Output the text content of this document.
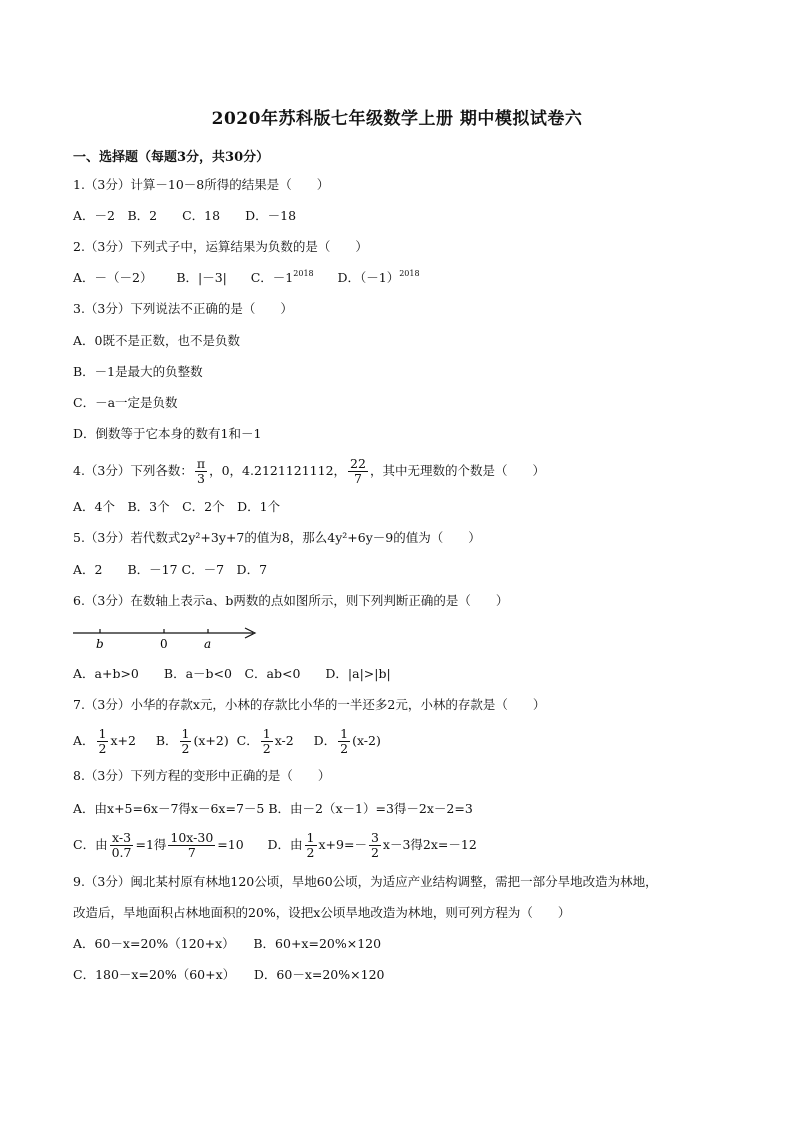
2020年苏科版七年级数学上册 期中模拟试卷六
一、选择题（每题3分，共30分）
1.（3分）计算－10－8所得的结果是（　　）
A．－2　B．2　　C．18　　D．－18
2.（3分）下列式子中，运算结果为负数的是（　　）
A．－（－2） B．|－3| C．$-1^{2018}$ D．$(-1)^{2018}$
3.（3分）下列说法不正确的是（　　）
A．0既不是正数，也不是负数
B．－1是最大的负整数
C．－a一定是负数
D．倒数等于它本身的数有1和－1
4.（3分）下列各数： $\frac{\pi}{3}$ ，0，4.2121121112， $\frac{22}{7}$ ，其中无理数的个数是（　　）
A．4个　B．3个　C．2个　D．1个
5.（3分）若代数式2y²+3y+7的值为8，那么4y²+6y－9的值为（　　）
A．2　　B．－17 C．－7　D．7
6.（3分）在数轴上表示a、b两数的点如图所示，则下列判断正确的是（　　）
b	0	a
A．a+b>0　　B．a－b<0　C．ab<0　　D．|a|>|b|
7.（3分）小华的存款x元，小林的存款比小华的一半还多2元，小林的存款是（　　）
A． $\frac{1}{2} x+2$ B． $\frac{1}{2} (x+2)$ C． $\frac{1}{2} x-2$ D． $\frac{1}{2} (x-2)$
8.（3分）下列方程的变形中正确的是（　　）
A．由x+5=6x－7得x－6x=7－5 B．由－2（x－1）=3得－2x－2=3
C．由 $\frac{x-3}{0.7} =1$得 $\frac{10x-30}{7} =10$ D．由 $\frac{1}{2} x+9=- \frac{3}{2} x-3$得2x=－12
9.（3分）闽北某村原有林地120公顷，旱地60公顷，为适应产业结构调整，需把一部分旱地改造为林地，
改造后，旱地面积占林地面积的20%，设把x公顷旱地改造为林地，则可列方程为（　　）
A．60－x=20%（120+x）　　B．60+x=20%×120
C．180－x=20%（60+x）　　D．60－x=20%×120
